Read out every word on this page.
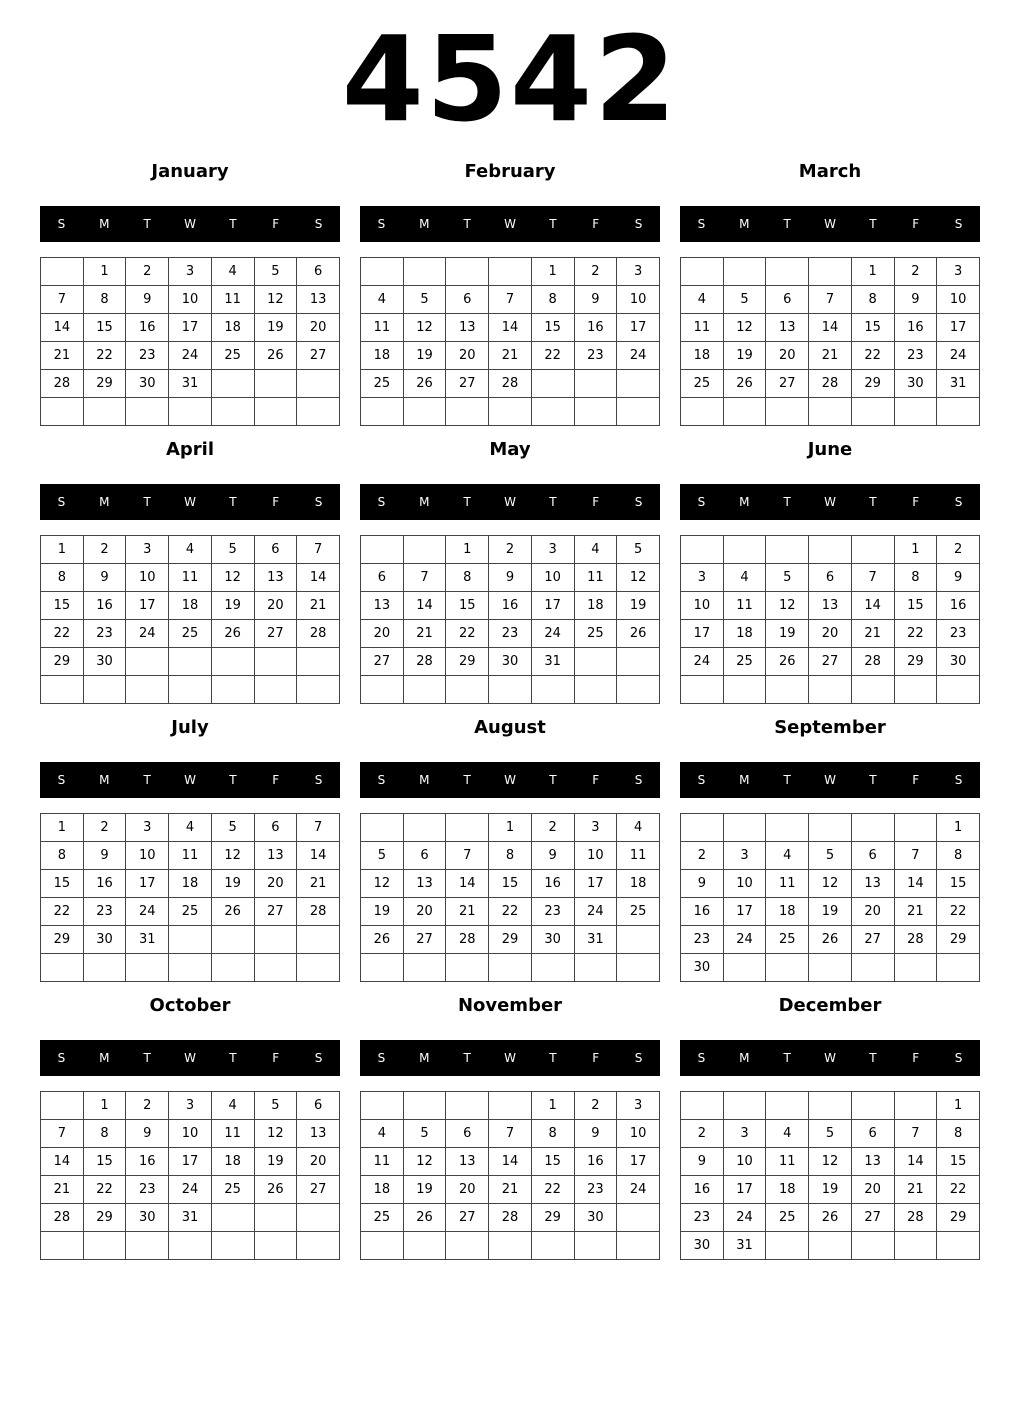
4542
January
S	M	T	W	T	F	S
	1	2	3	4	5	6
7	8	9	10	11	12	13
14	15	16	17	18	19	20
21	22	23	24	25	26	27
28	29	30	31			

February
S	M	T	W	T	F	S
				1	2	3
4	5	6	7	8	9	10
11	12	13	14	15	16	17
18	19	20	21	22	23	24
25	26	27	28			

March
S	M	T	W	T	F	S
				1	2	3
4	5	6	7	8	9	10
11	12	13	14	15	16	17
18	19	20	21	22	23	24
25	26	27	28	29	30	31

April
S	M	T	W	T	F	S
1	2	3	4	5	6	7
8	9	10	11	12	13	14
15	16	17	18	19	20	21
22	23	24	25	26	27	28
29	30					

May
S	M	T	W	T	F	S
		1	2	3	4	5
6	7	8	9	10	11	12
13	14	15	16	17	18	19
20	21	22	23	24	25	26
27	28	29	30	31		

June
S	M	T	W	T	F	S
					1	2
3	4	5	6	7	8	9
10	11	12	13	14	15	16
17	18	19	20	21	22	23
24	25	26	27	28	29	30

July
S	M	T	W	T	F	S
1	2	3	4	5	6	7
8	9	10	11	12	13	14
15	16	17	18	19	20	21
22	23	24	25	26	27	28
29	30	31				

August
S	M	T	W	T	F	S
			1	2	3	4
5	6	7	8	9	10	11
12	13	14	15	16	17	18
19	20	21	22	23	24	25
26	27	28	29	30	31	

September
S	M	T	W	T	F	S
						1
2	3	4	5	6	7	8
9	10	11	12	13	14	15
16	17	18	19	20	21	22
23	24	25	26	27	28	29
30						
October
S	M	T	W	T	F	S
	1	2	3	4	5	6
7	8	9	10	11	12	13
14	15	16	17	18	19	20
21	22	23	24	25	26	27
28	29	30	31			

November
S	M	T	W	T	F	S
				1	2	3
4	5	6	7	8	9	10
11	12	13	14	15	16	17
18	19	20	21	22	23	24
25	26	27	28	29	30	

December
S	M	T	W	T	F	S
						1
2	3	4	5	6	7	8
9	10	11	12	13	14	15
16	17	18	19	20	21	22
23	24	25	26	27	28	29
30	31					
